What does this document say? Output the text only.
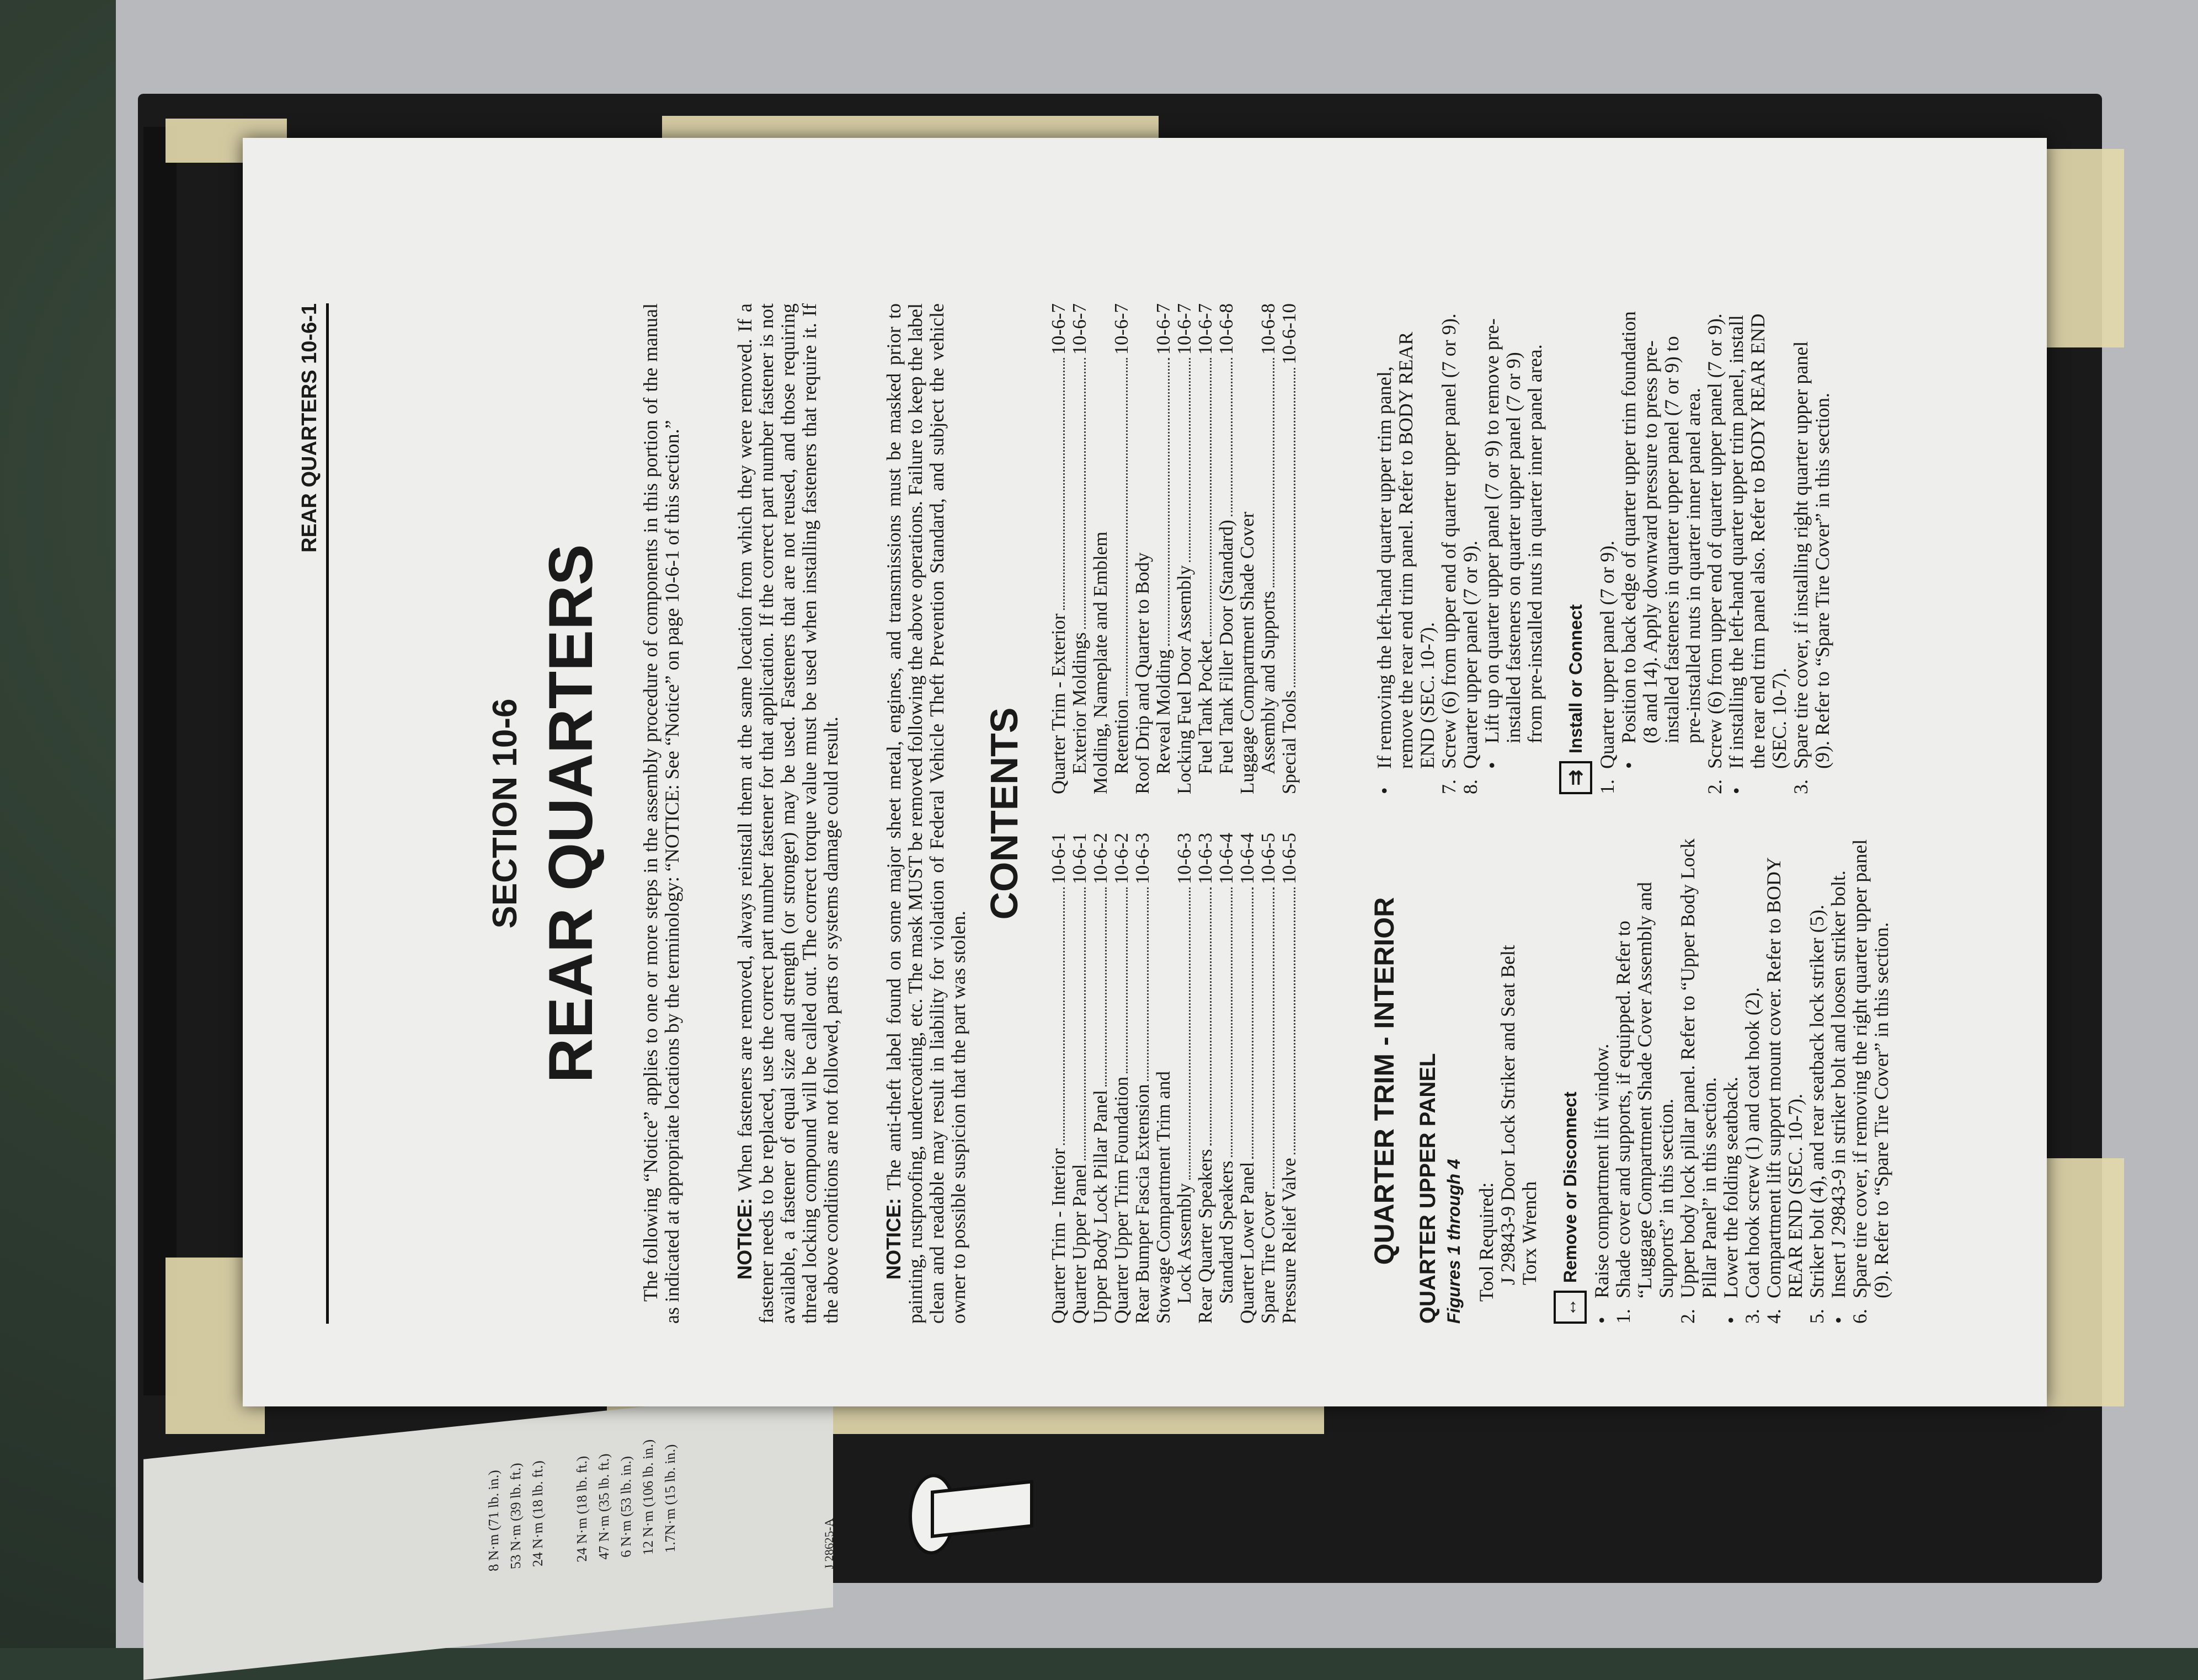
8 N·m (71 lb. in.) 53 N·m (39 lb. ft.) 24 N·m (18 lb. ft.) 24 N·m (18 lb. ft.) 47 N·m (35 lb. ft.) 6 N·m (53 lb. in.) 12 N·m (106 lb. in.) 1.7N·m (15 lb. in.)	J 28625-A
REAR QUARTERS 10-6-1
SECTION 10-6 REAR QUARTERS The following “Notice” applies to one or more steps in the assembly procedure of components in this portion of the manual as indicated at appropriate locations by the terminology: “NOTICE: See “Notice” on page 10-6-1 of this section.”	NOTICE: When fasteners are removed, always reinstall them at the same location from which they were removed. If a fastener needs to be replaced, use the correct part number fastener for that application. If the correct part number fastener is not available, a fastener of equal size and strength (or stronger) may be used. Fasteners that are not reused, and those requiring thread locking compound will be called out. The correct torque value must be used when installing fasteners that require it. If the above conditions are not followed, parts or systems damage could result. NOTICE: The anti-theft label found on some major sheet metal, engines, and transmissions must be masked prior to painting, rustproofing, undercoating, etc. The mask MUST be removed following the above operations. Failure to keep the label clean and readable may result in liability for violation of Federal Vehicle Theft Prevention Standard, and subject the vehicle owner to possible suspicion that the part was stolen.
CONTENTS
Quarter Trim - Interior
10-6-1
Quarter Upper Panel
10-6-1
Upper Body Lock Pillar Panel
10-6-2
Quarter Upper Trim Foundation
10-6-2
Rear Bumper Fascia Extension
10-6-3
Stowage Compartment Trim and Lock Assembly
10-6-3
Rear Quarter Speakers
10-6-3
Standard Speakers
10-6-4
Quarter Lower Panel
10-6-4
Spare Tire Cover
10-6-5
Pressure Relief Valve
10-6-5
Quarter Trim - Exterior
10-6-7
Exterior Moldings
10-6-7
Molding, Nameplate and Emblem Retention
10-6-7
Roof Drip and Quarter to Body Reveal Molding
10-6-7
Locking Fuel Door Assembly
10-6-7
Fuel Tank Pocket
10-6-7
Fuel Tank Filler Door (Standard)
10-6-8
Luggage Compartment Shade Cover Assembly and Supports
10-6-8
Special Tools
10-6-10
QUARTER TRIM - INTERIOR QUARTER UPPER PANEL Figures 1 through 4 Tool Required: J 29843-9 Door Lock Striker and Seat Belt Torx Wrench
↔
Remove or Disconnect
•
Raise compartment lift window.
1.
Shade cover and supports, if equipped. Refer to “Luggage Compartment Shade Cover Assembly and Supports” in this section.
2.
Upper body lock pillar panel. Refer to “Upper Body Lock Pillar Panel” in this section.
•
Lower the folding seatback.
3.
Coat hook screw (1) and coat hook (2).
4.
Compartment lift support mount cover. Refer to BODY REAR END (SEC. 10-7).
5.
Striker bolt (4), and rear seatback lock striker (5).
•
Insert J 29843-9 in striker bolt and loosen striker bolt.
6.
Spare tire cover, if removing the right quarter upper panel (9). Refer to “Spare Tire Cover” in this section.
•
If removing the left-hand quarter upper trim panel, remove the rear end trim panel. Refer to BODY REAR END (SEC. 10-7).
7.
Screw (6) from upper end of quarter upper panel (7 or 9).
8.
Quarter upper panel (7 or 9). •
Lift up on quarter upper panel (7 or 9) to remove pre-installed fasteners on quarter upper panel (7 or 9) from pre-installed nuts in quarter inner panel area.
⇉
Install or Connect
1.
Quarter upper panel (7 or 9). •
Position to back edge of quarter upper trim foundation (8 and 14). Apply downward pressure to press pre-installed fasteners in quarter upper panel (7 or 9) to pre-installed nuts in quarter inner panel area.
2.
Screw (6) from upper end of quarter upper panel (7 or 9).
•
If installing the left-hand quarter upper trim panel, install the rear end trim panel also. Refer to BODY REAR END (SEC. 10-7).
3.
Spare tire cover, if installing right quarter upper panel (9). Refer to “Spare Tire Cover” in this section.
